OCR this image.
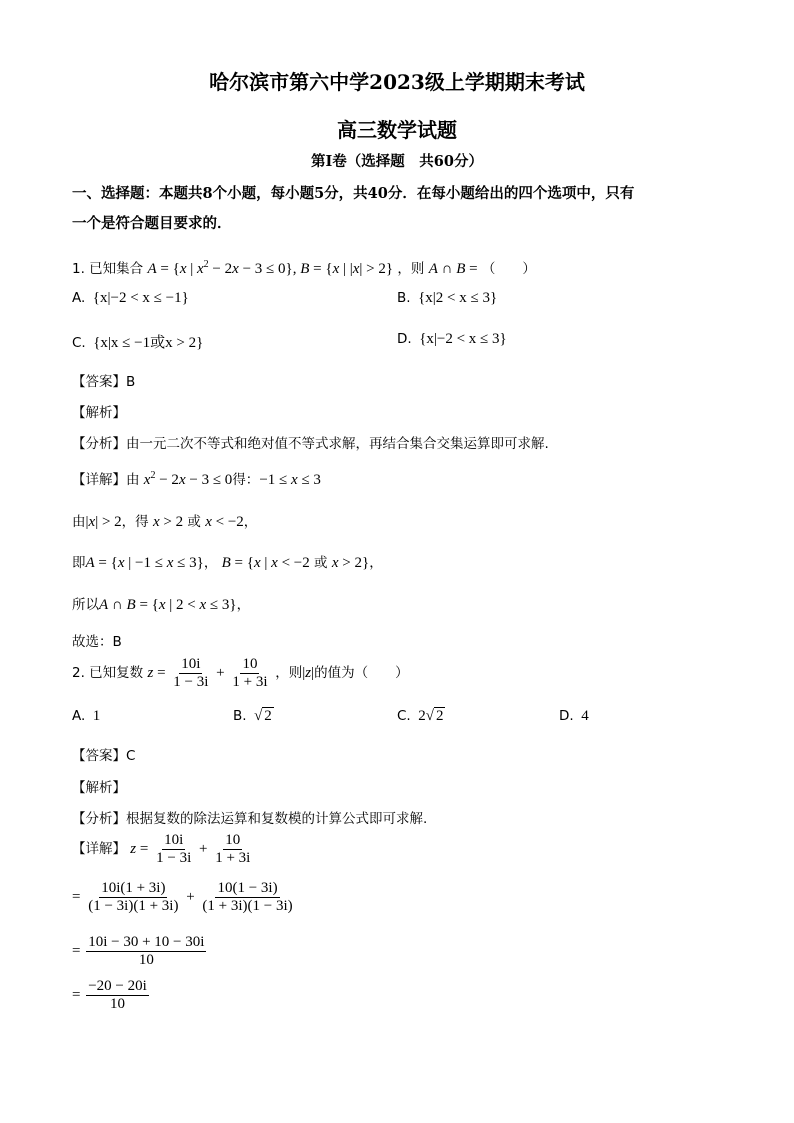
哈尔滨市第六中学2023级上学期期末考试
高三数学试题
第Ⅰ卷（选择题　共60分）
一、选择题：本题共8个小题，每小题5分，共40分．在每小题给出的四个选项中，只有
一个是符合题目要求的．
1. 已知集合 A = {x | $x^2 - 2x - 3 \le 0$}, B = {x | |x| > 2} ，则 A ∩ B = （　　）
A. {x|−2 < x ≤ −1}	B. {x|2 < x ≤ 3}
C. {x|x ≤ −1或x > 2}	D. {x|−2 < x ≤ 3}
【答案】B
【解析】
【分析】由一元二次不等式和绝对值不等式求解，再结合集合交集运算即可求解.
【详解】由 $x^2 - 2x - 3 \le 0$得：−1 ≤ x ≤ 3
由|x| > 2，得 x > 2 或 x < −2，
即A = {x | −1 ≤ x ≤ 3}， B = {x | x < −2 或 x > 2}，
所以A ∩ B = {x | 2 < x ≤ 3}，
故选：B
2. 已知复数 $z = \frac{10i}{1 - 3i} + \frac{10}{1 + 3i}$ ，则|z|的值为（　　）
A. 1	B.  √ 2	C. 2√ 2	D. 4
【答案】C
【解析】
【分析】根据复数的除法运算和复数模的计算公式即可求解.
【详解】 $z = \frac{10i}{1 - 3i} + \frac{10}{1 + 3i}$
= $\frac{10i(1 + 3i)}{(1 - 3i)(1 + 3i)} + \frac{10(1 - 3i)}{(1 + 3i)(1 - 3i)}$
= $\frac{10i - 30 + 10 - 30i}{10}$
= $\frac{-20 - 20i}{10}$
